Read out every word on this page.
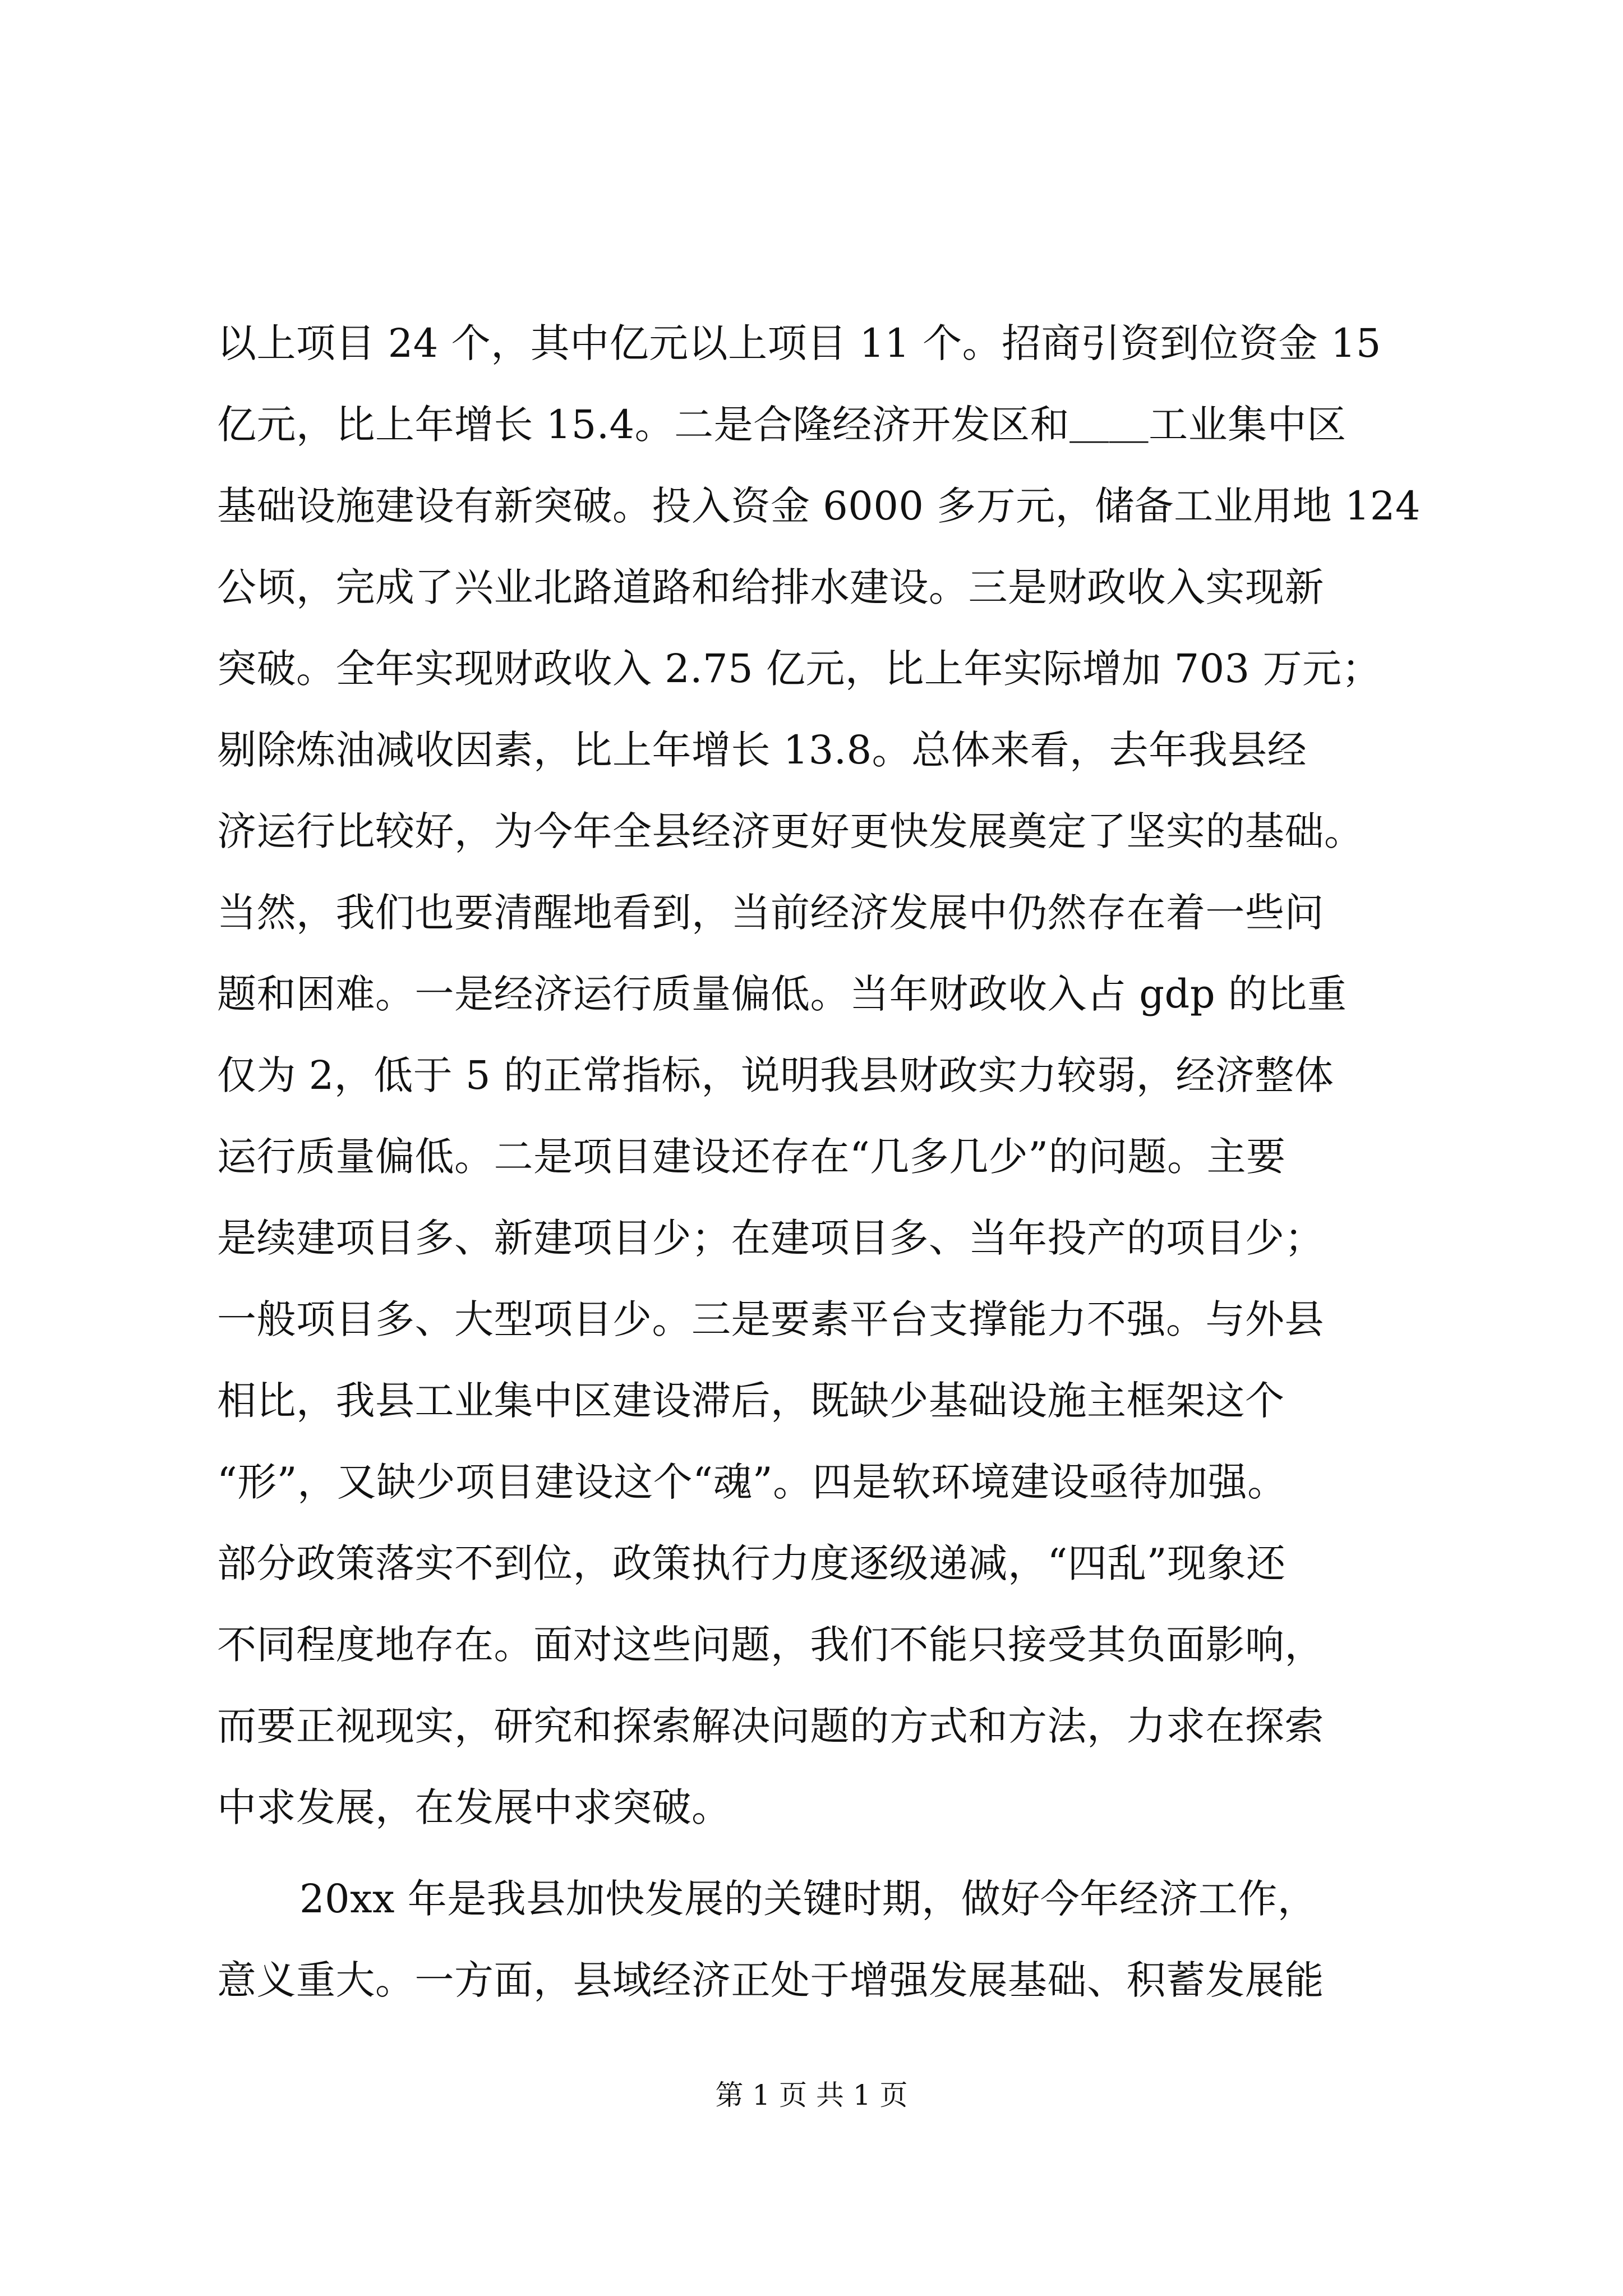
以上项目 24 个，其中亿元以上项目 11 个。招商引资到位资金 15
亿元，比上年增长 15.4。二是合隆经济开发区和＿＿工业集中区
基础设施建设有新突破。投入资金 6000 多万元，储备工业用地 124
公顷，完成了兴业北路道路和给排水建设。三是财政收入实现新
突破。全年实现财政收入 2.75 亿元，比上年实际增加 703 万元；
剔除炼油减收因素，比上年增长 13.8。总体来看，去年我县经
济运行比较好，为今年全县经济更好更快发展奠定了坚实的基础。
当然，我们也要清醒地看到，当前经济发展中仍然存在着一些问
题和困难。一是经济运行质量偏低。当年财政收入占 gdp 的比重
仅为 2，低于 5 的正常指标，说明我县财政实力较弱，经济整体
运行质量偏低。二是项目建设还存在“几多几少”的问题。主要
是续建项目多、新建项目少；在建项目多、当年投产的项目少；
一般项目多、大型项目少。三是要素平台支撑能力不强。与外县
相比，我县工业集中区建设滞后，既缺少基础设施主框架这个
“形”，又缺少项目建设这个“魂”。四是软环境建设亟待加强。
部分政策落实不到位，政策执行力度逐级递减，“四乱”现象还
不同程度地存在。面对这些问题，我们不能只接受其负面影响，
而要正视现实，研究和探索解决问题的方式和方法，力求在探索
中求发展，在发展中求突破。
20xx 年是我县加快发展的关键时期，做好今年经济工作，
意义重大。一方面，县域经济正处于增强发展基础、积蓄发展能
第 1 页 共 1 页
